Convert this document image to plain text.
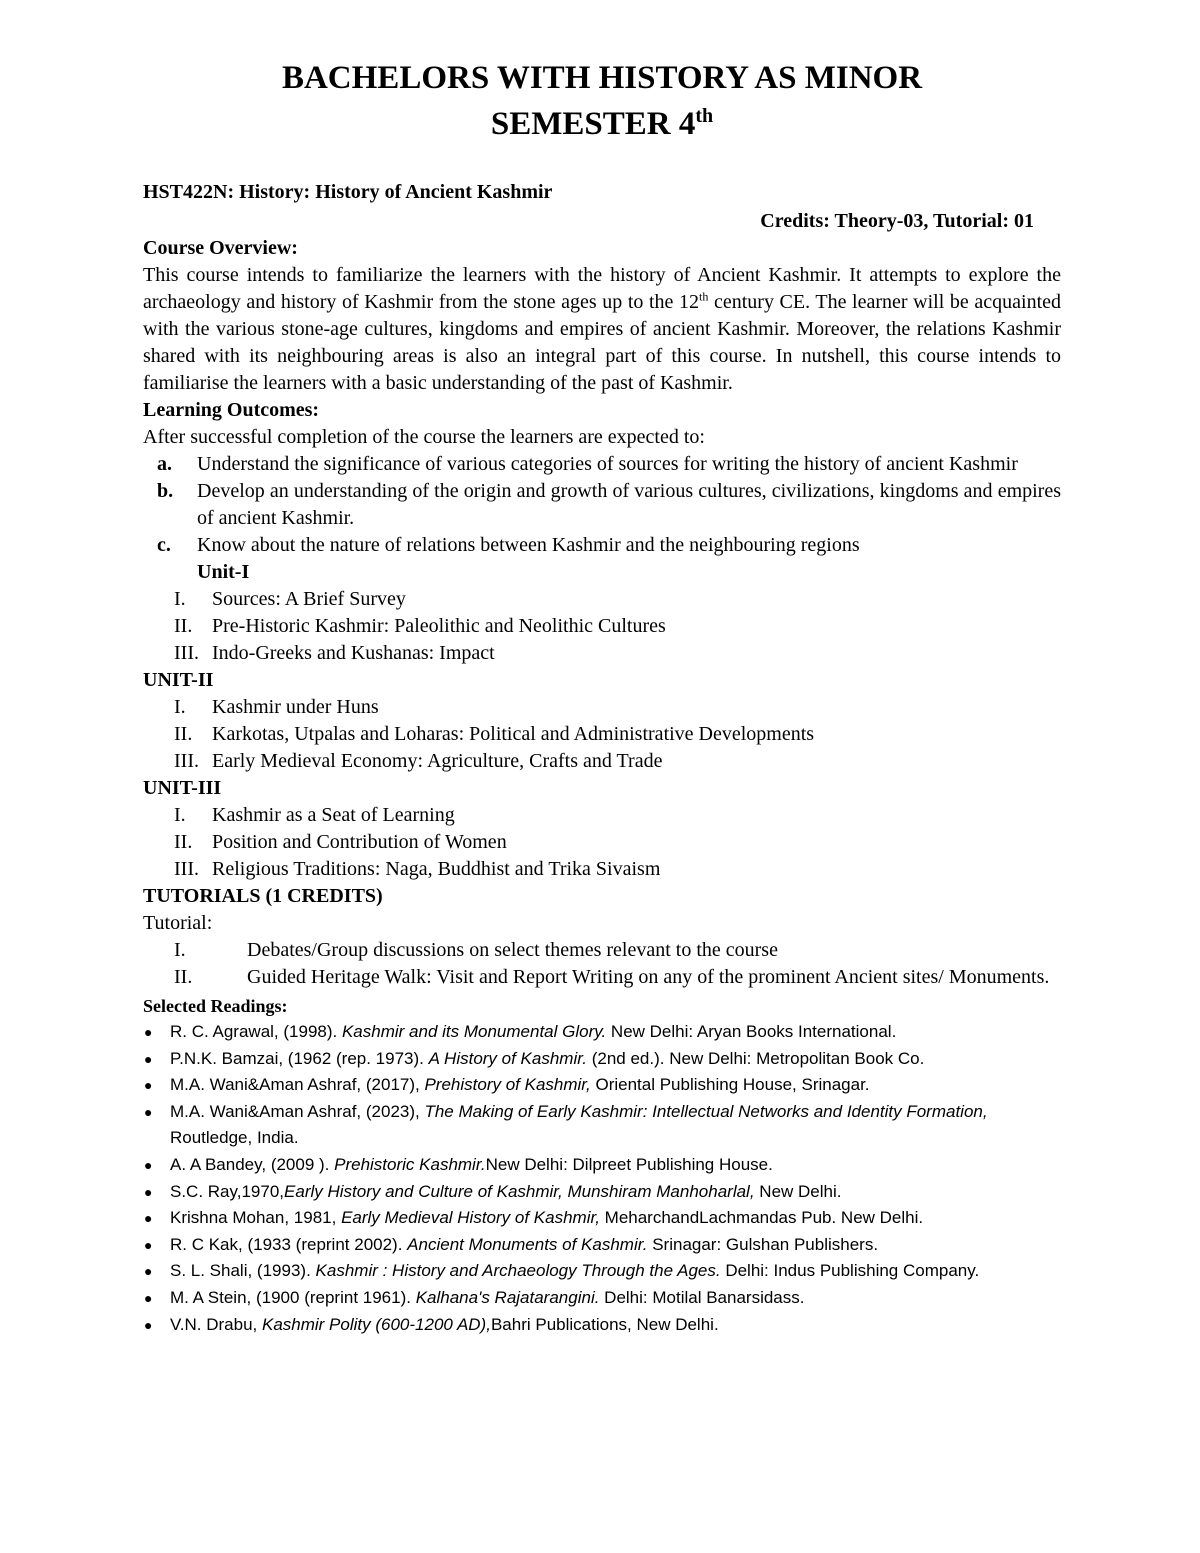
BACHELORS WITH HISTORY AS MINOR
SEMESTER 4th
HST422N: History: History of Ancient Kashmir
Credits: Theory-03, Tutorial: 01
Course Overview:
This course intends to familiarize the learners with the history of Ancient Kashmir. It attempts to explore the archaeology and history of Kashmir from the stone ages up to the 12th century CE. The learner will be acquainted with the various stone-age cultures, kingdoms and empires of ancient Kashmir. Moreover, the relations Kashmir shared with its neighbouring areas is also an integral part of this course. In nutshell, this course intends to familiarise the learners with a basic understanding of the past of Kashmir.
Learning Outcomes:
After successful completion of the course the learners are expected to:
a. Understand the significance of various categories of sources for writing the history of ancient Kashmir
b. Develop an understanding of the origin and growth of various cultures, civilizations, kingdoms and empires of ancient Kashmir.
c. Know about the nature of relations between Kashmir and the neighbouring regions
Unit-I
I. Sources: A Brief Survey
II. Pre-Historic Kashmir: Paleolithic and Neolithic Cultures
III. Indo-Greeks and Kushanas: Impact
UNIT-II
I. Kashmir under Huns
II. Karkotas, Utpalas and Loharas: Political and Administrative Developments
III. Early Medieval Economy: Agriculture, Crafts and Trade
UNIT-III
I. Kashmir as a Seat of Learning
II. Position and Contribution of Women
III. Religious Traditions: Naga, Buddhist and Trika Sivaism
TUTORIALS (1 CREDITS)
Tutorial:
I.	Debates/Group discussions on select themes relevant to the course
II.	Guided Heritage Walk: Visit and Report Writing on any of the prominent Ancient sites/ Monuments.
Selected Readings:
● R. C. Agrawal, (1998). Kashmir and its Monumental Glory. New Delhi: Aryan Books International.
● P.N.K. Bamzai, (1962 (rep. 1973). A History of Kashmir. (2nd ed.). New Delhi: Metropolitan Book Co.
● M.A. Wani&Aman Ashraf, (2017), Prehistory of Kashmir, Oriental Publishing House, Srinagar.
● M.A. Wani&Aman Ashraf, (2023), The Making of Early Kashmir: Intellectual Networks and Identity Formation, Routledge, India.
● A. A Bandey, (2009 ). Prehistoric Kashmir.New Delhi: Dilpreet Publishing House.
● S.C. Ray,1970,Early History and Culture of Kashmir, Munshiram Manhoharlal, New Delhi.
● Krishna Mohan, 1981, Early Medieval History of Kashmir, MeharchandLachmandas Pub. New Delhi.
● R. C Kak, (1933 (reprint 2002). Ancient Monuments of Kashmir. Srinagar: Gulshan Publishers.
● S. L. Shali, (1993). Kashmir : History and Archaeology Through the Ages. Delhi: Indus Publishing Company.
● M. A Stein, (1900 (reprint 1961). Kalhana's Rajatarangini. Delhi: Motilal Banarsidass.
● V.N. Drabu, Kashmir Polity (600-1200 AD),Bahri Publications, New Delhi.
